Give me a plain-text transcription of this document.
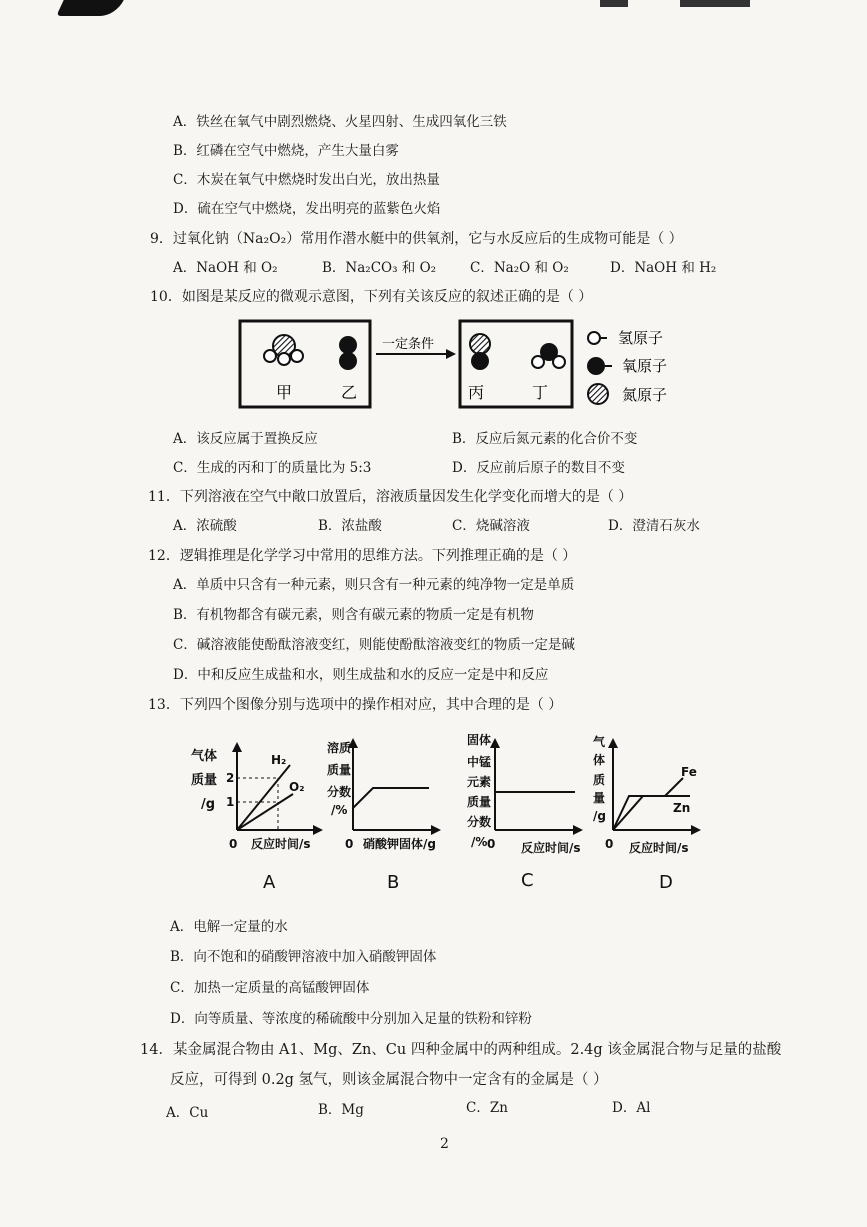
A．铁丝在氧气中剧烈燃烧、火星四射、生成四氧化三铁
B．红磷在空气中燃烧，产生大量白雾
C．木炭在氧气中燃烧时发出白光，放出热量
D．硫在空气中燃烧，发出明亮的蓝紫色火焰
9．过氧化钠（Na₂O₂）常用作潜水艇中的供氧剂，它与水反应后的生成物可能是（ ）
A．NaOH 和 O₂	B．Na₂CO₃ 和 O₂	C．Na₂O 和 O₂	D．NaOH 和 H₂
10．如图是某反应的微观示意图，下列有关该反应的叙述正确的是（ ）
甲	乙
一定条件
丙	丁
氢原子
氧原子
氮原子
A．该反应属于置换反应	B．反应后氮元素的化合价不变
C．生成的丙和丁的质量比为 5:3	D．反应前后原子的数目不变
11．下列溶液在空气中敞口放置后，溶液质量因发生化学变化而增大的是（ ）
A．浓硫酸	B．浓盐酸	C．烧碱溶液	D．澄清石灰水
12．逻辑推理是化学学习中常用的思维方法。下列推理正确的是（ ）
A．单质中只含有一种元素，则只含有一种元素的纯净物一定是单质
B．有机物都含有碳元素，则含有碳元素的物质一定是有机物
C．碱溶液能使酚酞溶液变红，则能使酚酞溶液变红的物质一定是碱
D．中和反应生成盐和水，则生成盐和水的反应一定是中和反应
13．下列四个图像分别与选项中的操作相对应，其中合理的是（ ）
气体
质量
/g
2
1
H₂
O₂
0 反应时间/s
A
溶质
质量
分数
/%
0 硝酸钾固体/g
B
固体
中锰
元素
质量
分数
/% 0 反应时间/s
C
气
体
质
量
/g
Fe
Zn
0 反应时间/s
D
A．电解一定量的水
B．向不饱和的硝酸钾溶液中加入硝酸钾固体
C．加热一定质量的高锰酸钾固体
D．向等质量、等浓度的稀硫酸中分别加入足量的铁粉和锌粉
14．某金属混合物由 A1、Mg、Zn、Cu 四种金属中的两种组成。2.4g 该金属混合物与足量的盐酸
反应，可得到 0.2g 氢气，则该金属混合物中一定含有的金属是（ ）
A．Cu	B．Mg	C．Zn	D．Al
2
